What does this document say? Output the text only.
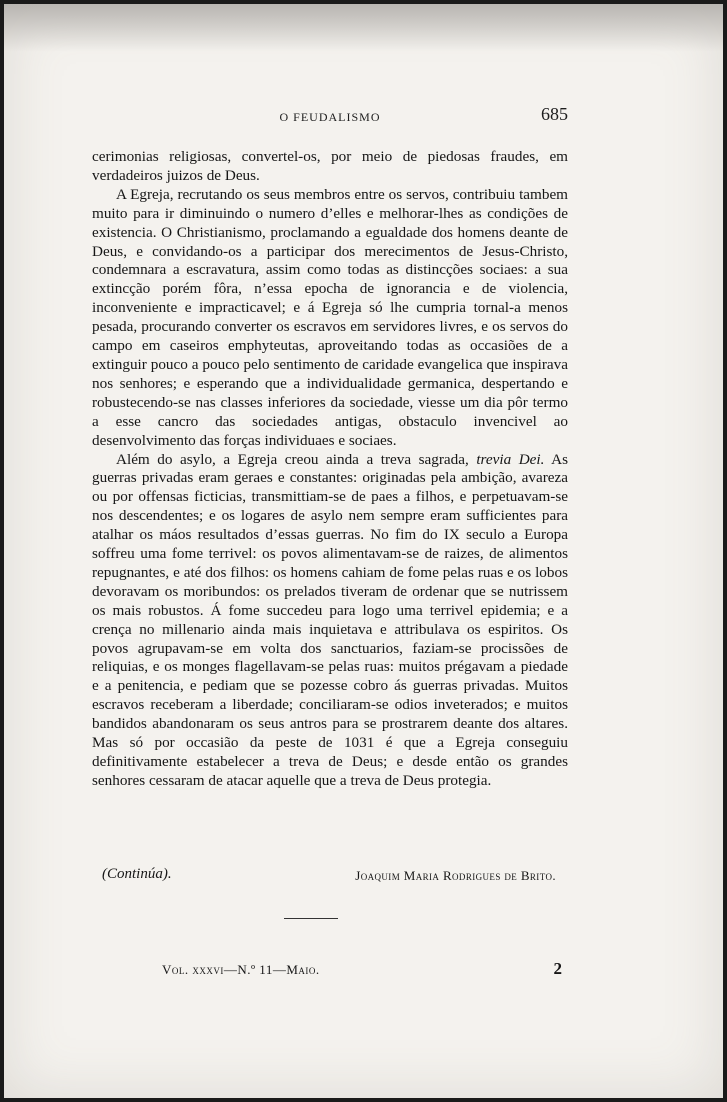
O FEUDALISMO	685

cerimonias religiosas, convertel-os, por meio de piedosas fraudes, em verdadeiros juizos de Deus.

A Egreja, recrutando os seus membros entre os servos, contribuiu tambem muito para ir diminuindo o numero d’elles e melhorar-lhes as condições de existencia. O Christianismo, proclamando a egualdade dos homens deante de Deus, e convidando-os a participar dos merecimentos de Jesus-Christo, condemnara a escravatura, assim como todas as distincções sociaes: a sua extincção porém fôra, n’essa epocha de ignorancia e de violencia, inconveniente e impracticavel; e á Egreja só lhe cumpria tornal-a menos pesada, procurando converter os escravos em servidores livres, e os servos do campo em caseiros emphyteutas, aproveitando todas as occasiões de a extinguir pouco a pouco pelo sentimento de caridade evangelica que inspirava nos senhores; e esperando que a individualidade germanica, despertando e robustecendo-se nas classes inferiores da sociedade, viesse um dia pôr termo a esse cancro das sociedades antigas, obstaculo invencivel ao desenvolvimento das forças individuaes e sociaes.

Além do asylo, a Egreja creou ainda a treva sagrada, trevia Dei. As guerras privadas eram geraes e constantes: originadas pela ambição, avareza ou por offensas ficticias, transmittiam-se de paes a filhos, e perpetuavam-se nos descendentes; e os logares de asylo nem sempre eram sufficientes para atalhar os máos resultados d’essas guerras. No fim do IX seculo a Europa soffreu uma fome terrivel: os povos alimentavam-se de raizes, de alimentos repugnantes, e até dos filhos: os homens cahiam de fome pelas ruas e os lobos devoravam os moribundos: os prelados tiveram de ordenar que se nutrissem os mais robustos. Á fome succedeu para logo uma terrivel epidemia; e a crença no millenario ainda mais inquietava e attribulava os espiritos. Os povos agrupavam-se em volta dos sanctuarios, faziam-se procissões de reliquias, e os monges flagellavam-se pelas ruas: muitos prégavam a piedade e a penitencia, e pediam que se pozesse cobro ás guerras privadas. Muitos escravos receberam a liberdade; conciliaram-se odios inveterados; e muitos bandidos abandonaram os seus antros para se prostrarem deante dos altares. Mas só por occasião da peste de 1031 é que a Egreja conseguiu definitivamente estabelecer a treva de Deus; e desde então os grandes senhores cessaram de atacar aquelle que a treva de Deus protegia.

(Continúa).	Joaquim Maria Rodrigues de Brito.
Vol. xxxvi—N.º 11—Maio.	2
